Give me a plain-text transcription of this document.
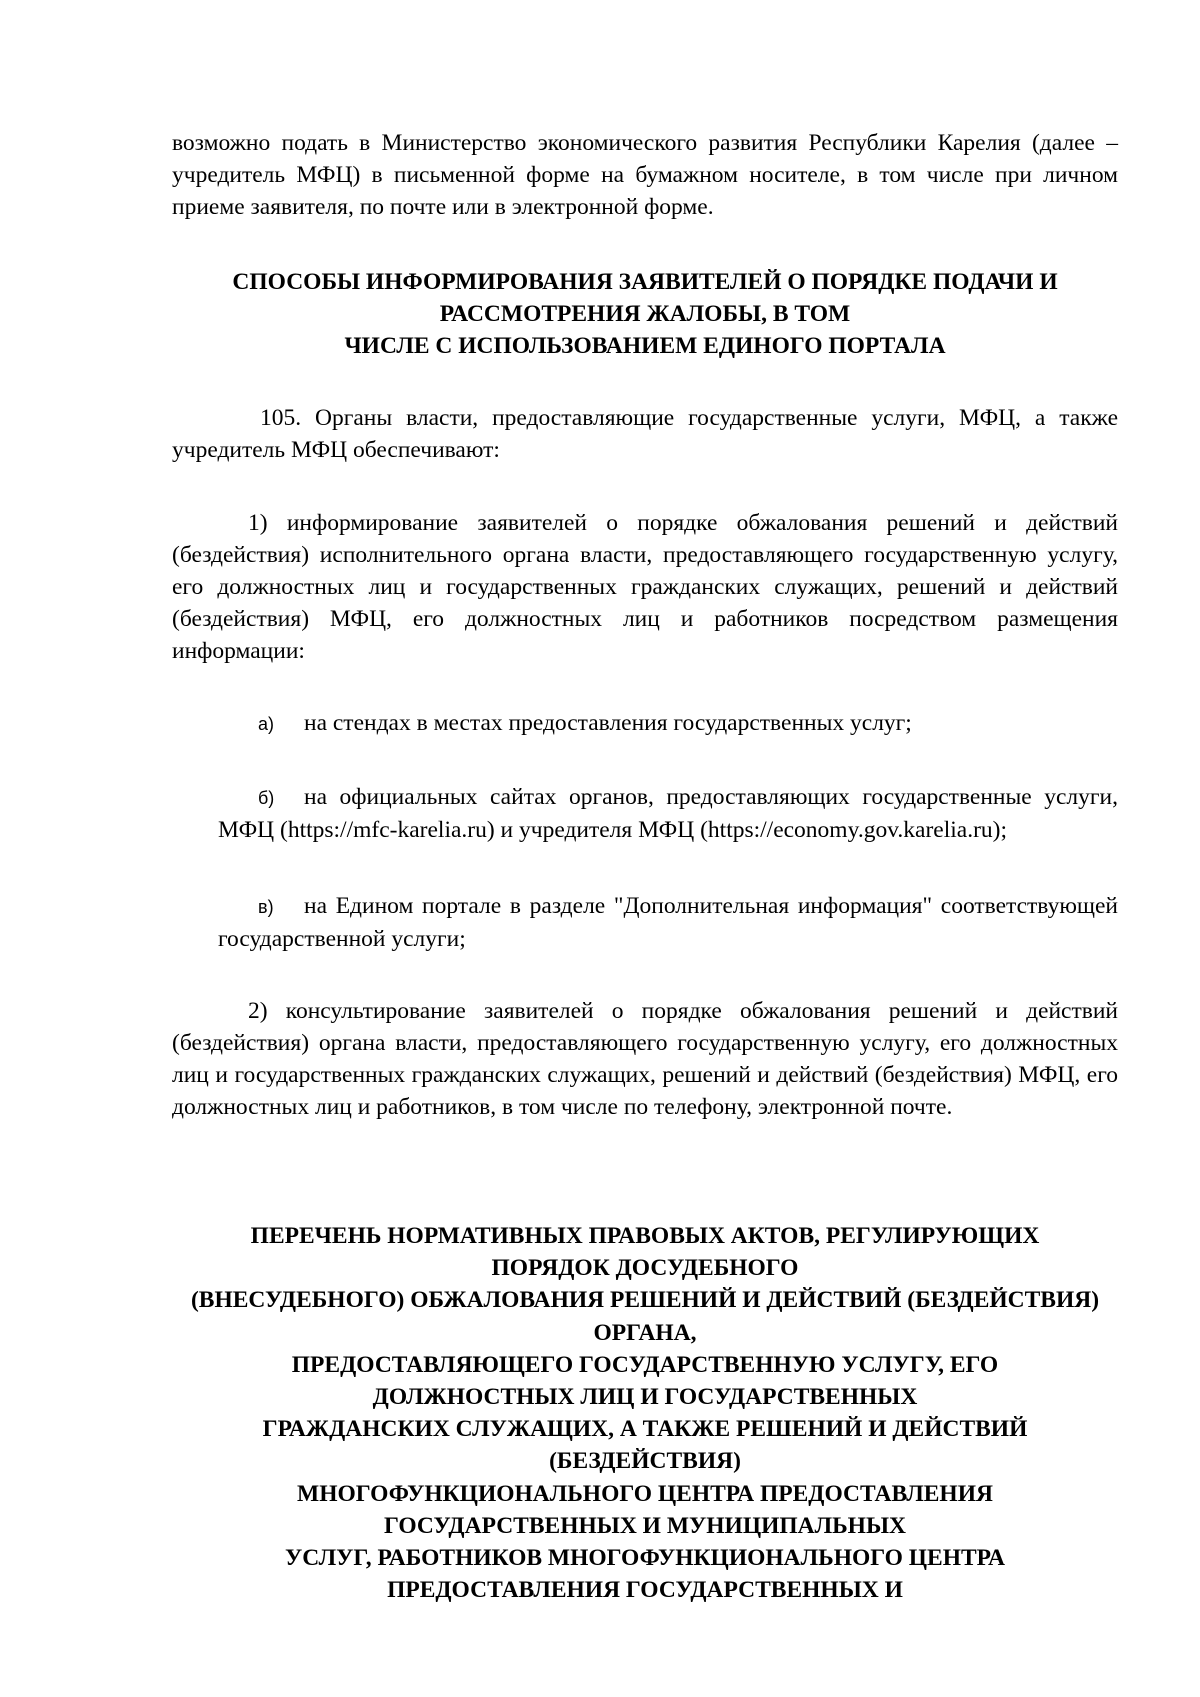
возможно подать в Министерство экономического развития Республики Карелия (далее – учредитель МФЦ) в письменной форме на бумажном носителе, в том числе при личном приеме заявителя, по почте или в электронной форме.

СПОСОБЫ ИНФОРМИРОВАНИЯ ЗАЯВИТЕЛЕЙ О ПОРЯДКЕ ПОДАЧИ И
РАССМОТРЕНИЯ ЖАЛОБЫ, В ТОМ
ЧИСЛЕ С ИСПОЛЬЗОВАНИЕМ ЕДИНОГО ПОРТАЛА

105. Органы власти, предоставляющие государственные услуги, МФЦ, а также учредитель МФЦ обеспечивают:

1) информирование заявителей о порядке обжалования решений и действий (бездействия) исполнительного органа власти, предоставляющего государственную услугу, его должностных лиц и государственных гражданских служащих, решений и действий (бездействия) МФЦ, его должностных лиц и работников посредством размещения информации:

а) на стендах в местах предоставления государственных услуг;

б) на официальных сайтах органов, предоставляющих государственные услуги, МФЦ (https://mfc-karelia.ru) и учредителя МФЦ (https://economy.gov.karelia.ru);

в) на Едином портале в разделе "Дополнительная информация" соответствующей государственной услуги;

2) консультирование заявителей о порядке обжалования решений и действий (бездействия) органа власти, предоставляющего государственную услугу, его должностных лиц и государственных гражданских служащих, решений и действий (бездействия) МФЦ, его должностных лиц и работников, в том числе по телефону, электронной почте.

ПЕРЕЧЕНЬ НОРМАТИВНЫХ ПРАВОВЫХ АКТОВ, РЕГУЛИРУЮЩИХ
ПОРЯДОК ДОСУДЕБНОГО
(ВНЕСУДЕБНОГО) ОБЖАЛОВАНИЯ РЕШЕНИЙ И ДЕЙСТВИЙ (БЕЗДЕЙСТВИЯ)
ОРГАНА,
ПРЕДОСТАВЛЯЮЩЕГО ГОСУДАРСТВЕННУЮ УСЛУГУ, ЕГО
ДОЛЖНОСТНЫХ ЛИЦ И ГОСУДАРСТВЕННЫХ
ГРАЖДАНСКИХ СЛУЖАЩИХ, А ТАКЖЕ РЕШЕНИЙ И ДЕЙСТВИЙ
(БЕЗДЕЙСТВИЯ)
МНОГОФУНКЦИОНАЛЬНОГО ЦЕНТРА ПРЕДОСТАВЛЕНИЯ
ГОСУДАРСТВЕННЫХ И МУНИЦИПАЛЬНЫХ
УСЛУГ, РАБОТНИКОВ МНОГОФУНКЦИОНАЛЬНОГО ЦЕНТРА
ПРЕДОСТАВЛЕНИЯ ГОСУДАРСТВЕННЫХ И
